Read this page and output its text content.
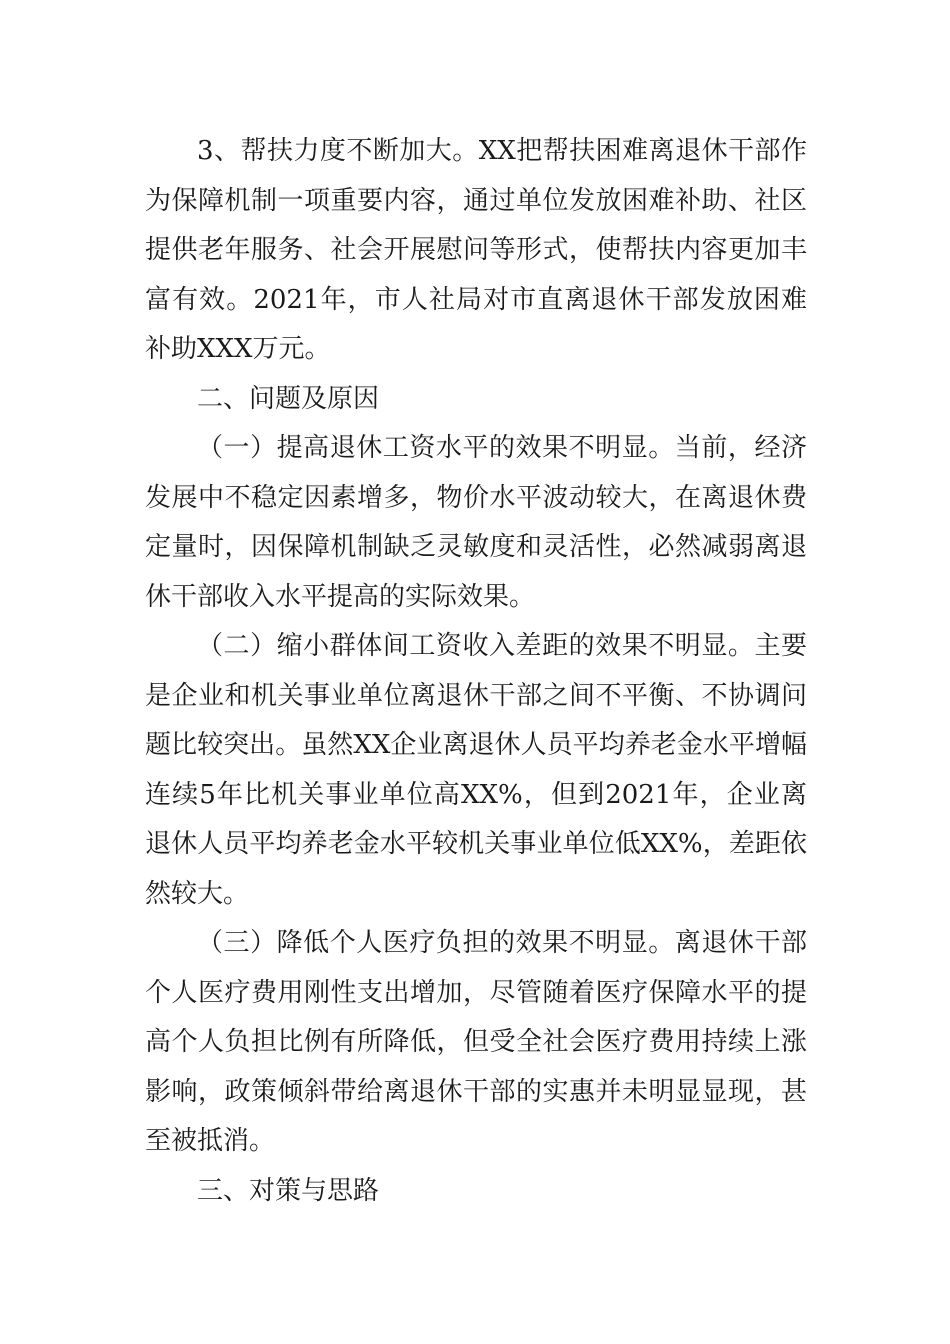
3、帮扶力度不断加大。XX把帮扶困难离退休干部作为保障机制一项重要内容，通过单位发放困难补助、社区提供老年服务、社会开展慰问等形式，使帮扶内容更加丰富有效。2021年，市人社局对市直离退休干部发放困难补助XXX万元。

二、问题及原因

（一）提高退休工资水平的效果不明显。当前，经济发展中不稳定因素增多，物价水平波动较大，在离退休费定量时，因保障机制缺乏灵敏度和灵活性，必然减弱离退休干部收入水平提高的实际效果。

（二）缩小群体间工资收入差距的效果不明显。主要是企业和机关事业单位离退休干部之间不平衡、不协调问题比较突出。虽然XX企业离退休人员平均养老金水平增幅连续5年比机关事业单位高XX%，但到2021年，企业离退休人员平均养老金水平较机关事业单位低XX%，差距依然较大。

（三）降低个人医疗负担的效果不明显。离退休干部个人医疗费用刚性支出增加，尽管随着医疗保障水平的提高个人负担比例有所降低，但受全社会医疗费用持续上涨影响，政策倾斜带给离退休干部的实惠并未明显显现，甚至被抵消。

三、对策与思路
